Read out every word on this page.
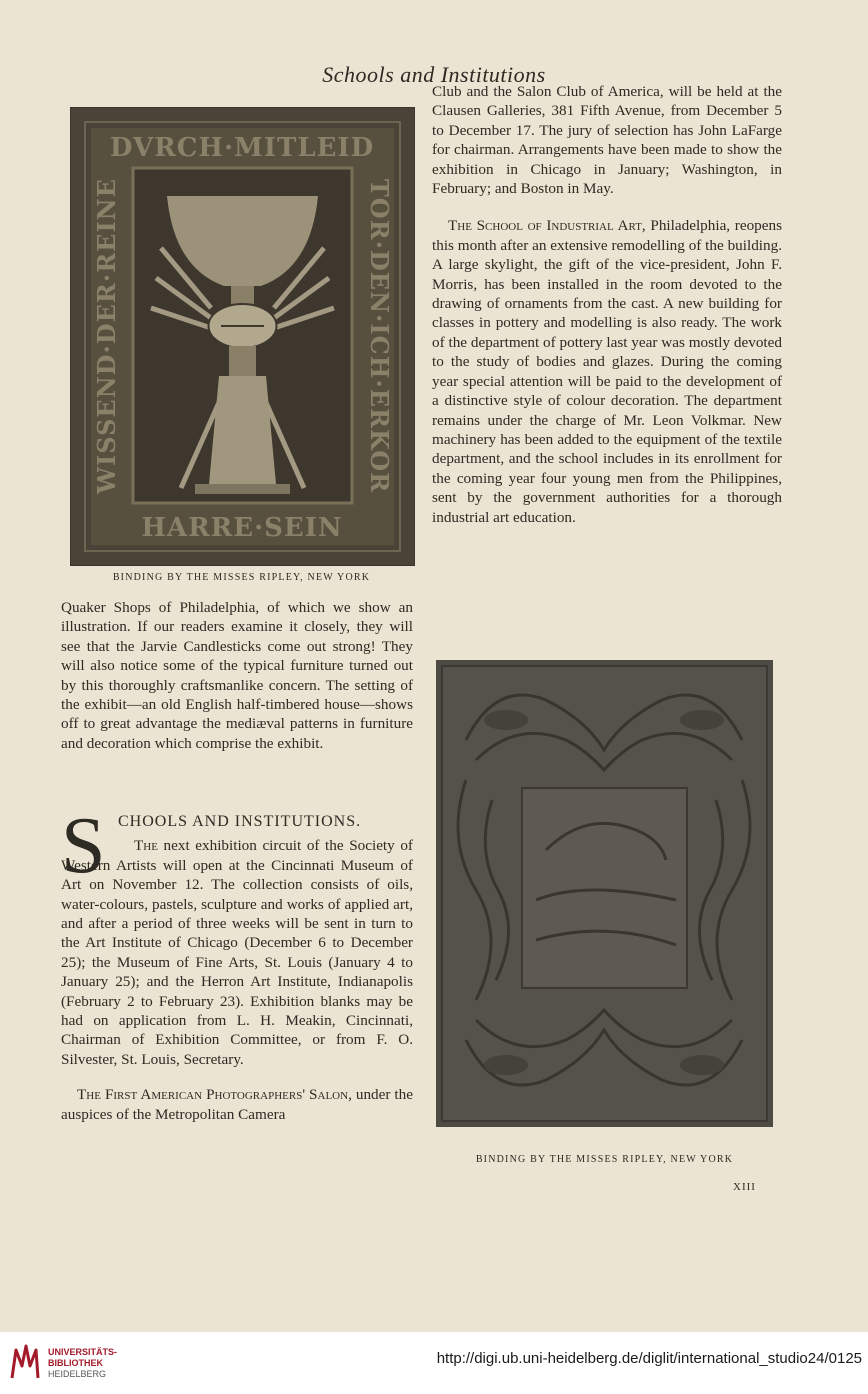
Schools and Institutions
DVRCH·MITLEID
HARRE·SEIN
WISSEND·DER·REINE	TOR·DEN·ICH·ERKOR
BINDING BY THE MISSES RIPLEY, NEW YORK

Club and the Salon Club of America, will be held at the Clausen Galleries, 381 Fifth Avenue, from December 5 to December 17. The jury of selection has John LaFarge for chairman. Arrangements have been made to show the exhibition in Chicago in January; Washington, in February; and Boston in May.

The School of Industrial Art, Philadelphia, reopens this month after an extensive remodelling of the building. A large skylight, the gift of the vice-president, John F. Morris, has been installed in the room devoted to the drawing of ornaments from the cast. A new building for classes in pottery and modelling is also ready. The work of the department of pottery last year was mostly devoted to the study of bodies and glazes. During the coming year special attention will be paid to the development of a distinctive style of colour decoration. The department remains under the charge of Mr. Leon Volkmar. New machinery has been added to the equipment of the textile department, and the school includes in its enrollment for the coming year four young men from the Philippines, sent by the government authorities for a thorough industrial art education.

Quaker Shops of Philadelphia, of which we show an illustration. If our readers examine it closely, they will see that the Jarvie Candlesticks come out strong! They will also notice some of the typical furniture turned out by this thoroughly craftsmanlike concern. The setting of the exhibit—an old English half-timbered house—shows off to great advantage the mediæval patterns in furniture and decoration which comprise the exhibit.

S CHOOLS AND INSTITUTIONS.

The next exhibition circuit of the Society of Western Artists will open at the Cincinnati Museum of Art on November 12. The collection consists of oils, water-colours, pastels, sculpture and works of applied art, and after a period of three weeks will be sent in turn to the Art Institute of Chicago (December 6 to December 25); the Museum of Fine Arts, St. Louis (January 4 to January 25); and the Herron Art Institute, Indianapolis (February 2 to February 23). Exhibition blanks may be had on application from L. H. Meakin, Cincinnati, Chairman of Exhibition Committee, or from F. O. Silvester, St. Louis, Secretary.

The First American Photographers' Salon, under the auspices of the Metropolitan Camera

BINDING BY THE MISSES RIPLEY, NEW YORK
XIII
UNIVERSITÄTS-
BIBLIOTHEK
HEIDELBERG
http://digi.ub.uni-heidelberg.de/diglit/international_studio24/0125
